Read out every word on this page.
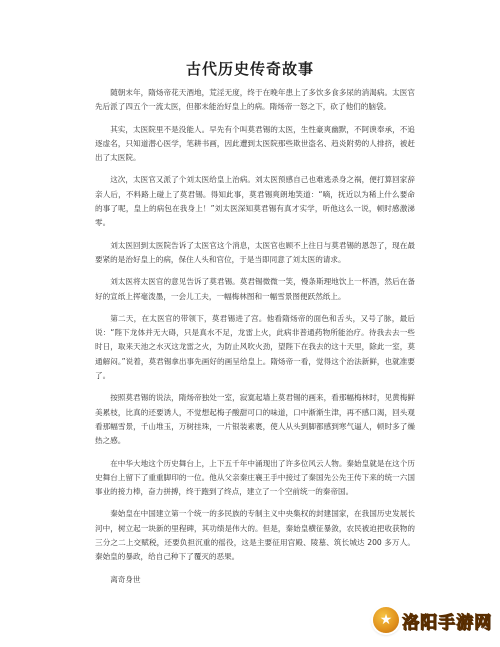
古代历史传奇故事

随朝末年，隋炀帝花天酒地，荒淫无度，终于在晚年患上了多饮多食多尿的消渴病。太医官先后派了四五个一流太医，但都未能治好皇上的病。隋炀帝一怒之下，砍了他们的脑袋。

其实，太医院里不是没能人。早先有个叫莫君锡的太医，生性豪爽幽默，不阿谀奉承，不追逐虚名，只知道潜心医学，笔耕书画，因此遭到太医院那些欺世盗名、趋炎附势的人排挤，被赶出了太医院。

这次，太医官又派了个刘太医给皇上治病。刘太医预感自己也难逃杀身之祸，便打算回家辞亲人后，不料路上碰上了莫君锡。得知此事，莫君锡爽朗地笑道：“嘀，抚近以为稀上什么要命的事了呢，皇上的病包在我身上！”刘太医深知莫君锡有真才实学，听他这么一说，顿时感激涕零。

刘太医回到太医院告诉了太医官这个消息，太医官也顾不上往日与莫君锡的恩怨了，现在最要紧的是治好皇上的病，保住人头和官位，于是当即同意了刘太医的请求。

刘太医将太医官的意见告诉了莫君锡。莫君锡微微一笑，慢条斯理地饮上一杯酒，然后在备好的宣纸上挥毫泼墨，一会儿工夫，一幅梅林图和一幅雪景图便跃然纸上。

第二天，在太医官的带领下，莫君锡进了宫。他看隋炀帝的面色和舌头，又号了脉，最后说：“陛下龙体并无大碍，只是真水不足，龙雷上火，此病非普通药物所能治疗。待我去去一些时日，取来天池之水灭这龙雷之火，为防止风吹火劲，望陛下在我去的这十天里，除此一室，莫通解闷。”说着，莫君锡拿出事先画好的画呈给皇上。隋炀帝一看，觉得这个治法新鲜，也就准要了。

按照莫君锡的说法，隋炀帝独处一室，寂寞起墙上莫君锡的画来，看那幅梅林时，见黄梅鲜美累枝，比真的还要诱人，不觉想起梅子酸甜可口的味道，口中渐渐生津，再不感口渴，回头观看那幅雪景，千山堆玉，万树挂珠，一片银装素裹，使人从头到脚都感到寒气逼人，顿时多了燥热之感。

在中华大地这个历史舞台上，上下五千年中涌现出了许多位风云人物。秦始皇就是在这个历史舞台上留下了重重脚印的一位。他从父亲秦庄襄王手中接过了秦国先公先王传下来的统一六国事业的接力棒，奋力拼搏，终于跑到了终点，建立了一个空前统一的秦帝国。

秦始皇在中国建立第一个统一的多民族的专制主义中央集权的封建国家，在我国历史发展长河中，树立起一块新的里程碑，其功绩是伟大的。但是，秦始皇横征暴敛，农民被迫把收获物的三分之二上交赋税，还要负担沉重的徭役，这是主要征用宫殿、陵墓、筑长城达 200 多万人。秦始皇的暴政，给自己种下了覆灭的恶果。

离奇身世
★ 洛阳手游网
